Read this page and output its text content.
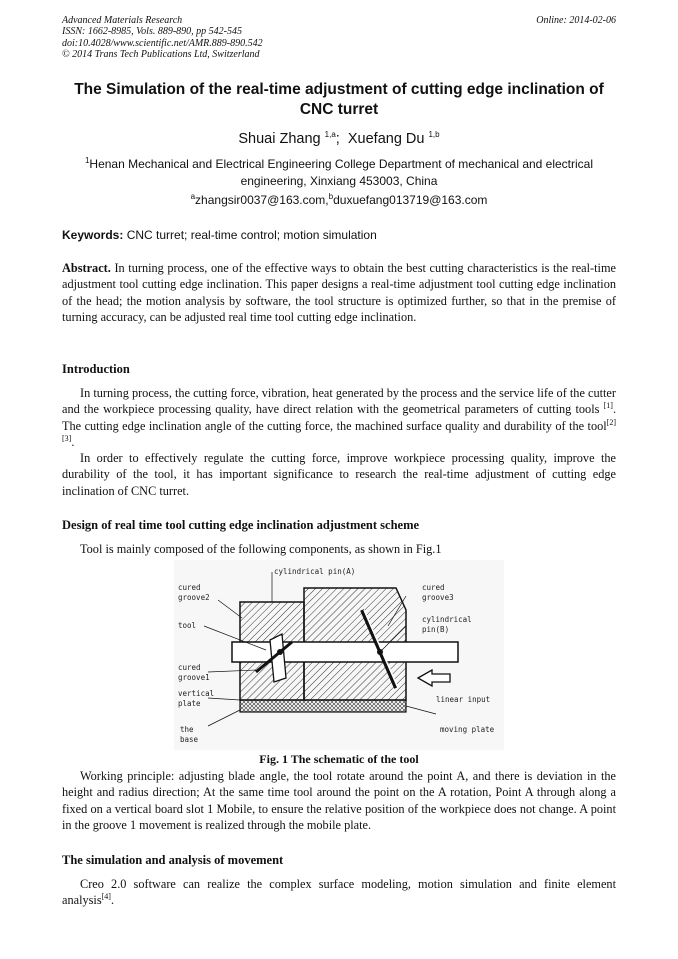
Advanced Materials Research
ISSN: 1662-8985, Vols. 889-890, pp 542-545
doi:10.4028/www.scientific.net/AMR.889-890.542
© 2014 Trans Tech Publications Ltd, Switzerland
Online: 2014-02-06
The Simulation of the real-time adjustment of cutting edge inclination of CNC turret
Shuai Zhang $^{1,a}$; Xuefang Du $^{1,b}$
$^1$Henan Mechanical and Electrical Engineering College Department of mechanical and electrical engineering, Xinxiang 453003, China
$^a$zhangsir0037@163.com,$^b$duxuefang013719@163.com
Keywords: CNC turret; real-time control; motion simulation
Abstract. In turning process, one of the effective ways to obtain the best cutting characteristics is the real-time adjustment tool cutting edge inclination. This paper designs a real-time adjustment tool cutting edge inclination of the head; the motion analysis by software, the tool structure is optimized further, so that in the premise of turning accuracy, can be adjusted real time tool cutting edge inclination.
Introduction
In turning process, the cutting force, vibration, heat generated by the process and the service life of the cutter and the workpiece processing quality, have direct relation with the geometrical parameters of cutting tools [1]. The cutting edge inclination angle of the cutting force, the machined surface quality and durability of the tool[2][3].
In order to effectively regulate the cutting force, improve workpiece processing quality, improve the durability of the tool, it has important significance to research the real-time adjustment of cutting edge inclination of CNC turret.
Design of real time tool cutting edge inclination adjustment scheme
Tool is mainly composed of the following components, as shown in Fig.1
cylindrical pin(A)
cured
groove2
tool
cured
groove1
vertical
plate
the
base
cured
groove3
cylindrical
pin(B)
linear input
moving plate
Fig. 1 The schematic of the tool
Working principle: adjusting blade angle, the tool rotate around the point A, and there is deviation in the height and radius direction; At the same time tool around the point on the A rotation, Point A through along a fixed on a vertical board slot 1 Mobile, to ensure the relative position of the workpiece does not change. A point in the groove 1 movement is realized through the mobile plate.
The simulation and analysis of movement
Creo 2.0 software can realize the complex surface modeling, motion simulation and finite element analysis[4].
